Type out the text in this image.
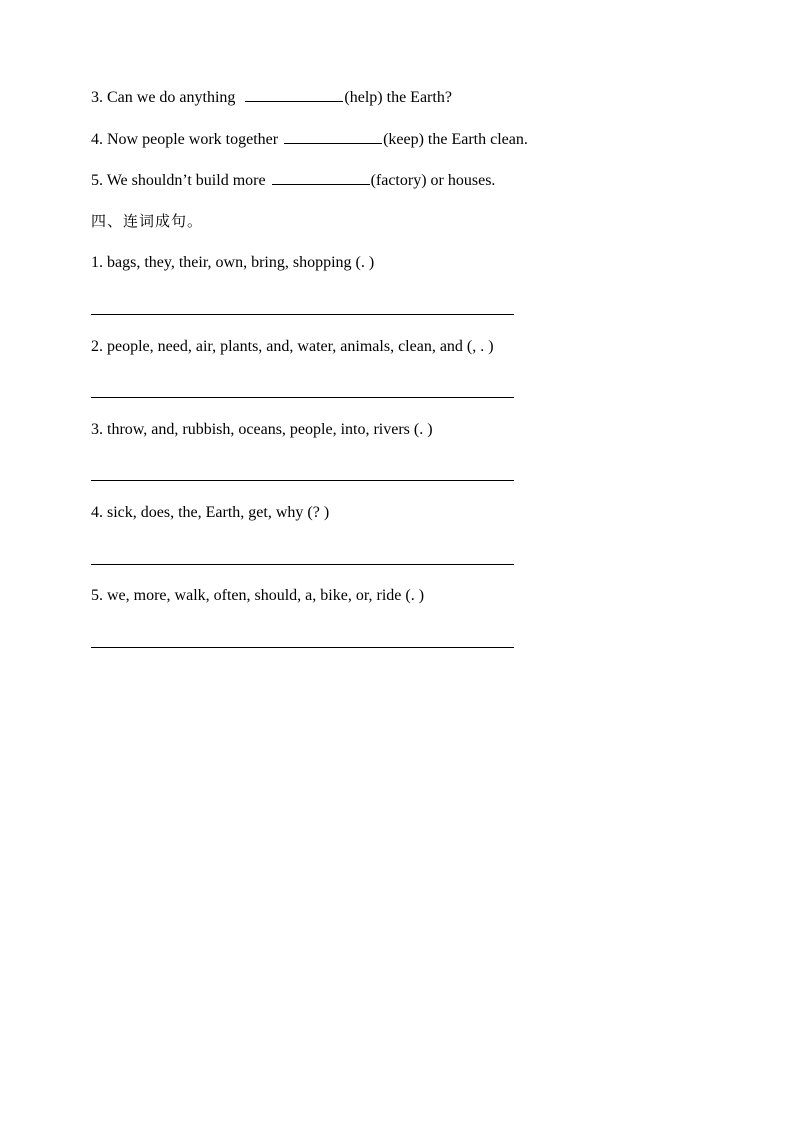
3. Can we do anything	(help) the Earth?
4. Now people work together	(keep) the Earth clean.
5. We shouldn’t build more	(factory) or houses.
四、连词成句。
1. bags, they, their, own, bring, shopping (. )
2. people, need, air, plants, and, water, animals, clean, and (, . )
3. throw, and, rubbish, oceans, people, into, rivers (. )
4. sick, does, the, Earth, get, why (? )
5. we, more, walk, often, should, a, bike, or, ride (. )
